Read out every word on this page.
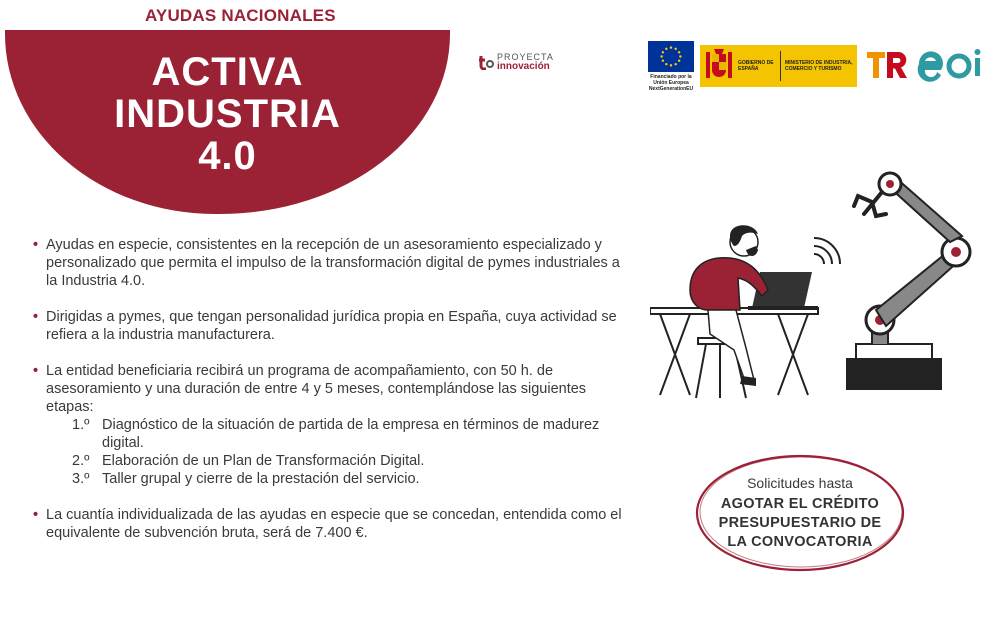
AYUDAS NACIONALES
ACTIVA
INDUSTRIA
4.0
PROYECTA
innovación
Financiado por la Unión Europea NextGenerationEU
GOBIERNO DE ESPAÑA
MINISTERIO DE INDUSTRIA, COMERCIO Y TURISMO
• Ayudas en especie, consistentes en la recepción de un asesoramiento especializado y personalizado que permita el impulso de la transformación digital de pymes industriales a la Industria 4.0.
• Dirigidas a pymes, que tengan personalidad jurídica propia en España, cuya actividad se refiera a la industria manufacturera.
• La entidad beneficiaria recibirá un programa de acompañamiento, con 50 h. de asesoramiento y una duración de entre 4 y 5 meses, contemplándose las siguientes etapas:
1.º Diagnóstico de la situación de partida de la empresa en términos de madurez digital.
2.º Elaboración de un Plan de Transformación Digital.
3.º Taller grupal y cierre de la prestación del servicio.
• La cuantía individualizada de las ayudas en especie que se concedan, entendida como el equivalente de subvención bruta, será de 7.400 €.
Solicitudes hasta
AGOTAR EL CRÉDITO
PRESUPUESTARIO DE
LA CONVOCATORIA
